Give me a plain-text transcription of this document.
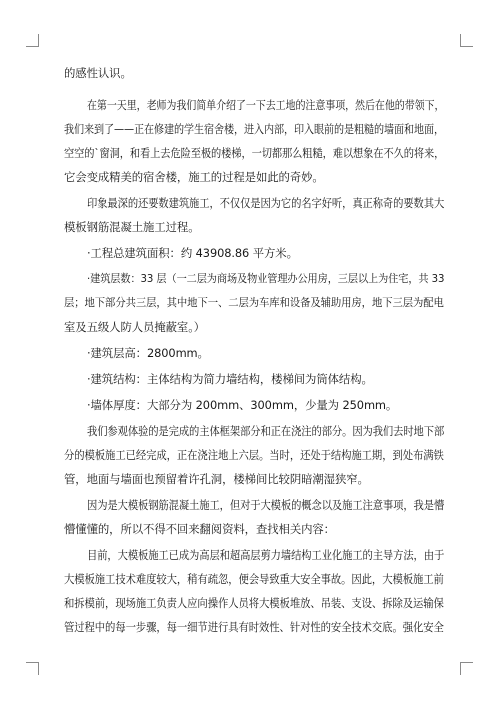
的感性认识。
在第一天里，老师为我们简单介绍了一下去工地的注意事项，然后在他的带领下，
我们来到了——正在修建的学生宿舍楼，进入内部，印入眼前的是粗糙的墙面和地面，
空空的`窗洞，和看上去危险至极的楼梯，一切都那么粗糙，难以想象在不久的将来，
它会变成精美的宿舍楼，施工的过程是如此的奇妙。
印象最深的还要数建筑施工，不仅仅是因为它的名字好听，真正称奇的要数其大
模板钢筋混凝土施工过程。
·工程总建筑面积：约 43908.86 平方米。
·建筑层数：33 层（一二层为商场及物业管理办公用房，三层以上为住宅，共 33
层；地下部分共三层，其中地下一、二层为车库和设备及辅助用房，地下三层为配电
室及五级人防人员掩蔽室。）
·建筑层高：2800mm。
·建筑结构：主体结构为简力墙结构，楼梯间为筒体结构。
·墙体厚度：大部分为 200mm、300mm，少量为 250mm。
我们参观体验的是完成的主体框架部分和正在浇注的部分。因为我们去时地下部
分的模板施工已经完成，正在浇注地上六层。当时，还处于结构施工期，到处布满铁
管，地面与墙面也预留着许孔洞，楼梯间比较阴暗潮湿狭窄。
因为是大模板钢筋混凝土施工，但对于大模板的概念以及施工注意事项，我是懵
懵懂懂的，所以不得不回来翻阅资料，查找相关内容：
目前，大模板施工已成为高层和超高层剪力墙结构工业化施工的主导方法，由于
大模板施工技术难度较大，稍有疏忽，便会导致重大安全事故。因此，大模板施工前
和拆模前，现场施工负责人应向操作人员将大模板堆放、吊装、支设、拆除及运输保
管过程中的每一步骤，每一细节进行具有时效性、针对性的安全技术交底。强化安全
